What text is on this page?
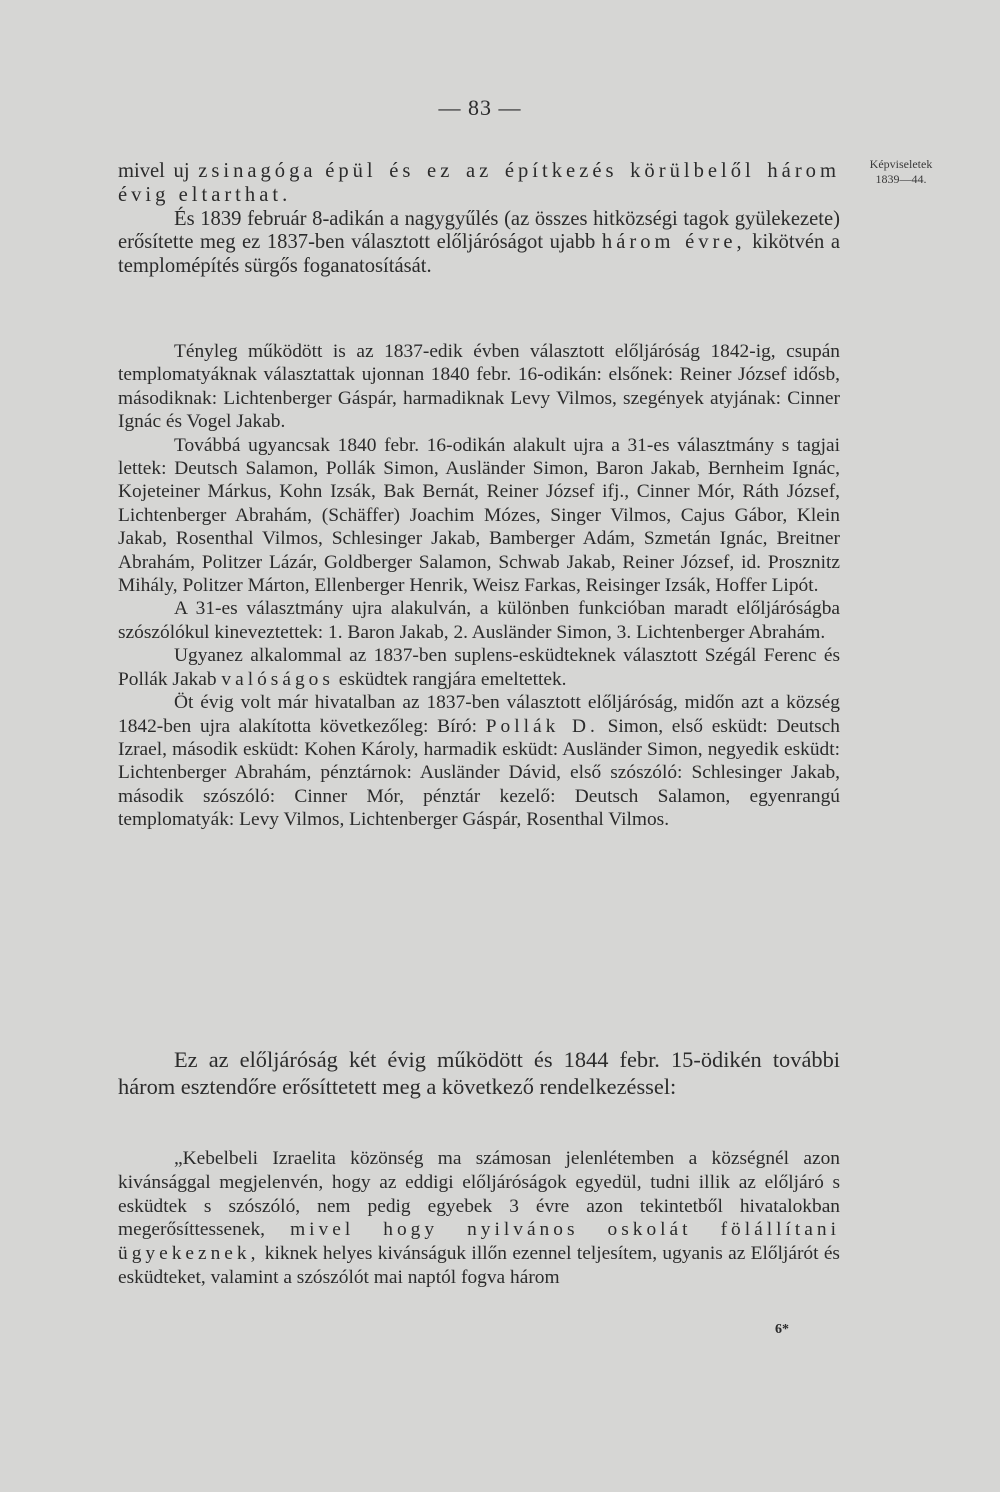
— 83 —
Képviseletek 1839—44.

mivel uj zsinagóga épül és ez az építkezés körülbelől három évig eltarthat.

És 1839 február 8-adikán a nagygyűlés (az összes hitközségi tagok gyülekezete) erősítette meg ez 1837-ben választott előljáróságot ujabb három évre, kikötvén a templomépítés sürgős foganatosítását.

Tényleg működött is az 1837-edik évben választott előljáróság 1842-ig, csupán templomatyáknak választattak ujonnan 1840 febr. 16-odikán: elsőnek: Reiner József idősb, másodiknak: Lichtenberger Gáspár, harmadiknak Levy Vilmos, szegények atyjának: Cinner Ignác és Vogel Jakab.

Továbbá ugyancsak 1840 febr. 16-odikán alakult ujra a 31-es választmány s tagjai lettek: Deutsch Salamon, Pollák Simon, Ausländer Simon, Baron Jakab, Bernheim Ignác, Kojeteiner Márkus, Kohn Izsák, Bak Bernát, Reiner József ifj., Cinner Mór, Ráth József, Lichtenberger Abrahám, (Schäffer) Joachim Mózes, Singer Vilmos, Cajus Gábor, Klein Jakab, Rosenthal Vilmos, Schlesinger Jakab, Bamberger Adám, Szmetán Ignác, Breitner Abrahám, Politzer Lázár, Goldberger Salamon, Schwab Jakab, Reiner József, id. Prosznitz Mihály, Politzer Márton, Ellenberger Henrik, Weisz Farkas, Reisinger Izsák, Hoffer Lipót.

A 31-es választmány ujra alakulván, a különben funkcióban maradt előljáróságba szószólókul kineveztettek: 1. Baron Jakab, 2. Ausländer Simon, 3. Lichtenberger Abrahám.

Ugyanez alkalommal az 1837-ben suplens-esküdteknek választott Szégál Ferenc és Pollák Jakab valóságos esküdtek rangjára emeltettek.

Öt évig volt már hivatalban az 1837-ben választott előljáróság, midőn azt a község 1842-ben ujra alakította következőleg: Bíró: Pollák D. Simon, első esküdt: Deutsch Izrael, második esküdt: Kohen Károly, harmadik esküdt: Ausländer Simon, negyedik esküdt: Lichtenberger Abrahám, pénztárnok: Ausländer Dávid, első szószóló: Schlesinger Jakab, második szószóló: Cinner Mór, pénztár kezelő: Deutsch Salamon, egyenrangú templomatyák: Levy Vilmos, Lichtenberger Gáspár, Rosenthal Vilmos.

Ez az előljáróság két évig működött és 1844 febr. 15-ödikén további három esztendőre erősíttetett meg a következő rendelkezéssel:

„Kebelbeli Izraelita közönség ma számosan jelenlétemben a községnél azon kivánsággal megjelenvén, hogy az eddigi előljáróságok egyedül, tudni illik az előljáró s esküdtek s szószóló, nem pedig egyebek 3 évre azon tekintetből hivatalokban megerősíttessenek, mivel hogy nyilvános oskolát fölállítani ügyekeznek, kiknek helyes kivánságuk illőn ezennel teljesítem, ugyanis az Előljárót és esküdteket, valamint a szószólót mai naptól fogva három

6*
